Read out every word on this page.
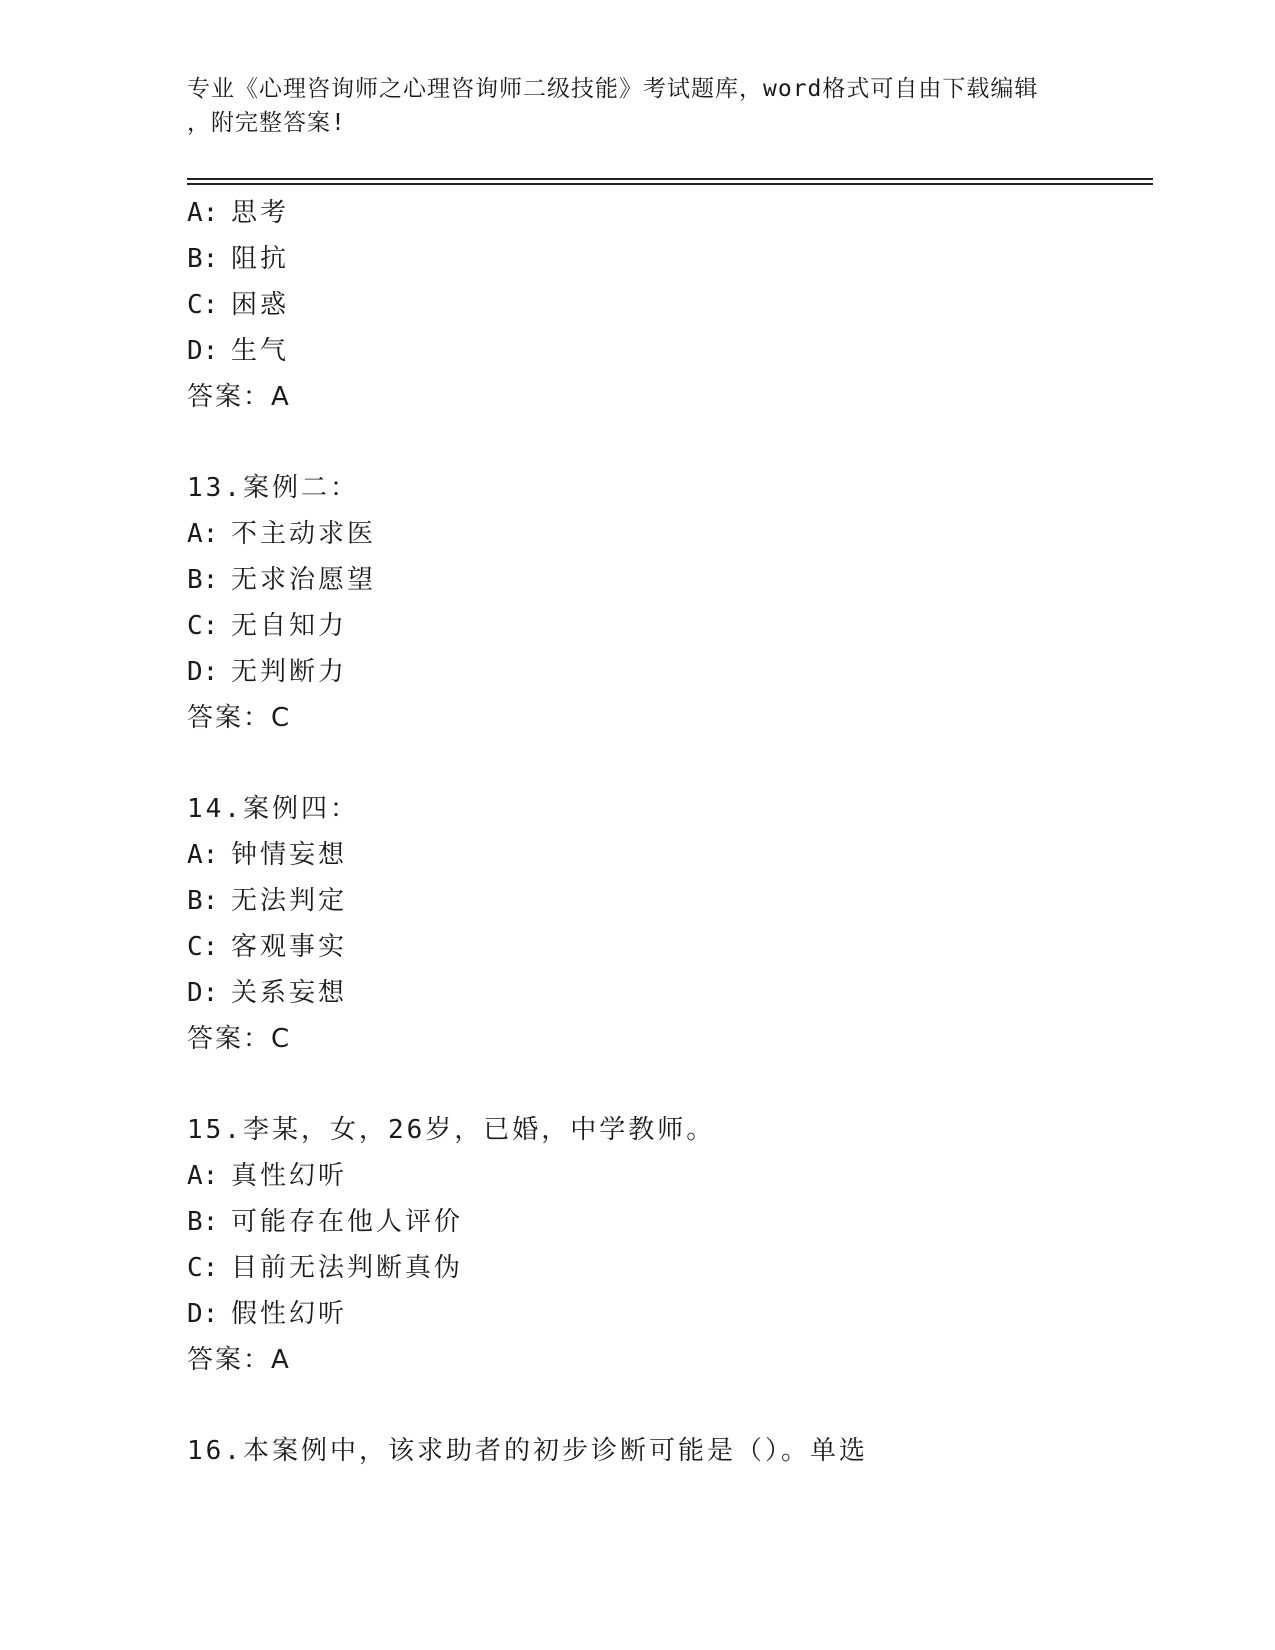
专业《心理咨询师之心理咨询师二级技能》考试题库，word格式可自由下载编辑
，附完整答案!
A: 思考
B: 阻抗
C: 困惑
D: 生气
答案：A
13.案例二：
A: 不主动求医
B: 无求治愿望
C: 无自知力
D: 无判断力
答案：C
14.案例四：
A: 钟情妄想
B: 无法判定
C: 客观事实
D: 关系妄想
答案：C
15.李某，女，26岁，已婚，中学教师。
A: 真性幻听
B: 可能存在他人评价
C: 目前无法判断真伪
D: 假性幻听
答案：A
16.本案例中，该求助者的初步诊断可能是（）。单选
